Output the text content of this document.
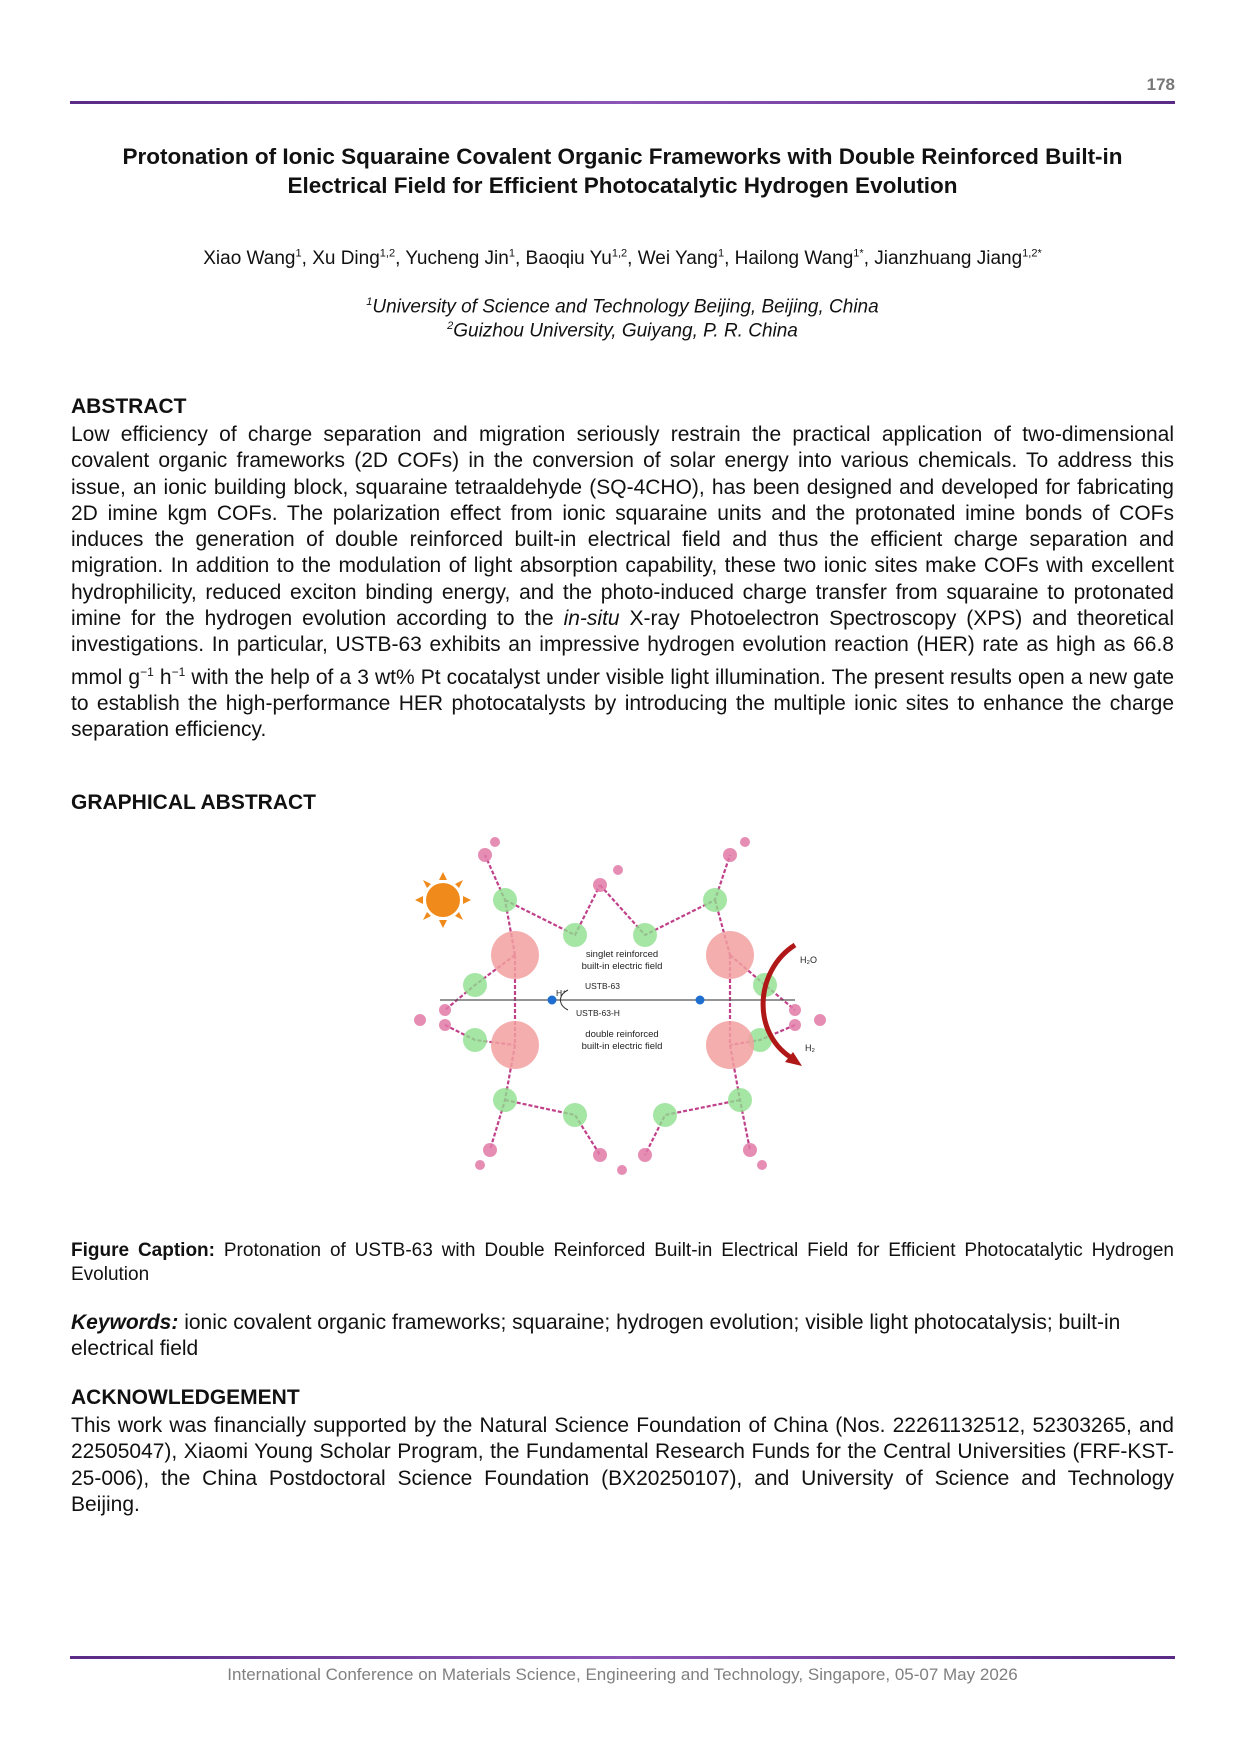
178
Protonation of Ionic Squaraine Covalent Organic Frameworks with Double Reinforced Built-in Electrical Field for Efficient Photocatalytic Hydrogen Evolution
Xiao Wang$^1$, Xu Ding$^{1,2}$, Yucheng Jin$^1$, Baoqiu Yu$^{1,2}$, Wei Yang$^1$, Hailong Wang$^{1*}$, Jianzhuang Jiang$^{1,2*}$
$^1$University of Science and Technology Beijing, Beijing, China
$^2$Guizhou University, Guiyang, P. R. China
ABSTRACT
Low efficiency of charge separation and migration seriously restrain the practical application of two-dimensional covalent organic frameworks (2D COFs) in the conversion of solar energy into various chemicals. To address this issue, an ionic building block, squaraine tetraaldehyde (SQ-4CHO), has been designed and developed for fabricating 2D imine kgm COFs. The polarization effect from ionic squaraine units and the protonated imine bonds of COFs induces the generation of double reinforced built-in electrical field and thus the efficient charge separation and migration. In addition to the modulation of light absorption capability, these two ionic sites make COFs with excellent hydrophilicity, reduced exciton binding energy, and the photo-induced charge transfer from squaraine to protonated imine for the hydrogen evolution according to the in-situ X-ray Photoelectron Spectroscopy (XPS) and theoretical investigations. In particular, USTB-63 exhibits an impressive hydrogen evolution reaction (HER) rate as high as 66.8 mmol $g^{-1}$ $h^{-1}$ with the help of a 3 wt% Pt cocatalyst under visible light illumination. The present results open a new gate to establish the high-performance HER photocatalysts by introducing the multiple ionic sites to enhance the charge separation efficiency.
GRAPHICAL ABSTRACT
singlet reinforced
built-in electric field
USTB-63
H⁺
USTB-63-H
double reinforced
built-in electric field
H₂O
H₂
Figure Caption: Protonation of USTB-63 with Double Reinforced Built-in Electrical Field for Efficient Photocatalytic Hydrogen Evolution
Keywords: ionic covalent organic frameworks; squaraine; hydrogen evolution; visible light photocatalysis; built-in electrical field
ACKNOWLEDGEMENT
This work was financially supported by the Natural Science Foundation of China (Nos. 22261132512, 52303265, and 22505047), Xiaomi Young Scholar Program, the Fundamental Research Funds for the Central Universities (FRF-KST-25-006), the China Postdoctoral Science Foundation (BX20250107), and University of Science and Technology Beijing.
International Conference on Materials Science, Engineering and Technology, Singapore, 05-07 May 2026
